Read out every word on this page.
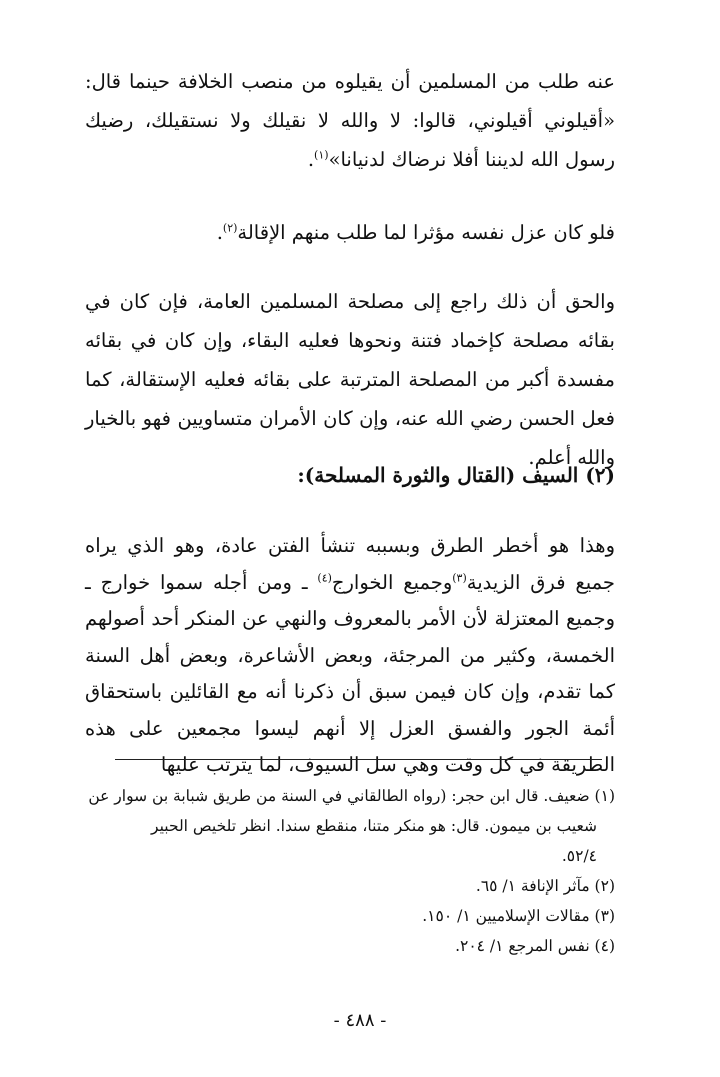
عنه طلب من المسلمين أن يقيلوه من منصب الخلافة حينما قال: «أقيلوني أقيلوني، قالوا: لا والله لا نقيلك ولا نستقيلك، رضيك رسول الله لديننا أفلا نرضاك لدنيانا»$^{(١)}$.

فلو كان عزل نفسه مؤثرا لما طلب منهم الإقالة$^{(٢)}$.

والحق أن ذلك راجع إلى مصلحة المسلمين العامة، فإن كان في بقائه مصلحة كإخماد فتنة ونحوها فعليه البقاء، وإن كان في بقائه مفسدة أكبر من المصلحة المترتبة على بقائه فعليه الإستقالة، كما فعل الحسن رضي الله عنه، وإن كان الأمران متساويين فهو بالخيار والله أعلم.

(٢) السيف (القتال والثورة المسلحة):

وهذا هو أخطر الطرق وبسببه تنشأ الفتن عادة، وهو الذي يراه جميع فرق الزيدية$^{(٣)}$وجميع الخوارج$^{(٤)}$ ـ ومن أجله سموا خوارج ـ وجميع المعتزلة لأن الأمر بالمعروف والنهي عن المنكر أحد أصولهم الخمسة، وكثير من المرجئة، وبعض الأشاعرة، وبعض أهل السنة كما تقدم، وإن كان فيمن سبق أن ذكرنا أنه مع القائلين باستحقاق أئمة الجور والفسق العزل إلا أنهم ليسوا مجمعين على هذه الطريقة في كل وقت وهي سل السيوف، لما يترتب عليها

(١) ضعيف. قال ابن حجر: (رواه الطالقاني في السنة من طريق شبابة بن سوار عن
شعيب بن ميمون. قال: هو منكر متنا، منقطع سندا. انظر تلخيص الحبير
٥٢/٤.
(٢) مآثر الإنافة ١/ ٦٥.
(٣) مقالات الإسلاميين ١/ ١٥٠.
(٤) نفس المرجع ١/ ٢٠٤.
- ٤٨٨ -
